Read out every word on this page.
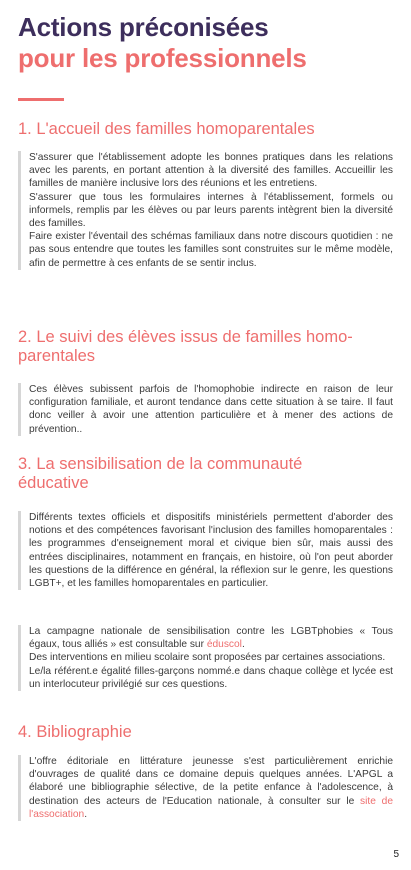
Actions préconisées
pour les professionnels
1. L'accueil des familles homoparentales

S'assurer que l'établissement adopte les bonnes pratiques dans les relations avec les parents, en portant attention à la diversité des familles. Accueillir les familles de manière inclusive lors des réunions et les entretiens.

S'assurer que tous les formulaires internes à l'établissement, formels ou informels, remplis par les élèves ou par leurs parents intègrent bien la diversité des familles.

Faire exister l'éventail des schémas familiaux dans notre discours quotidien : ne pas sous entendre que toutes les familles sont construites sur le même modèle, afin de permettre à ces enfants de se sentir inclus.

2. Le suivi des élèves issus de familles homo-
parentales

Ces élèves subissent parfois de l'homophobie indirecte en raison de leur configuration familiale, et auront tendance dans cette situation à se taire. Il faut donc veiller à avoir une attention particulière et à mener des actions de prévention..

3. La sensibilisation de la communauté
éducative

Différents textes officiels et dispositifs ministériels permettent d'aborder des notions et des compétences favorisant l'inclusion des familles homoparentales : les programmes d'enseignement moral et civique bien sûr, mais aussi des entrées disciplinaires, notamment en français, en histoire, où l'on peut aborder les questions de la différence en général, la réflexion sur le genre, les questions LGBT+, et les familles homoparentales en particulier.

La campagne nationale de sensibilisation contre les LGBTphobies « Tous égaux, tous alliés » est consultable sur éduscol.

Des interventions en milieu scolaire sont proposées par certaines associations.

Le/la référent.e égalité filles-garçons nommé.e dans chaque collège et lycée est un interlocuteur privilégié sur ces questions.

4. Bibliographie

L'offre éditoriale en littérature jeunesse s'est particulièrement enrichie d'ouvrages de qualité dans ce domaine depuis quelques années. L'APGL a élaboré une bibliographie sélective, de la petite enfance à l'adolescence, à destination des acteurs de l'Education nationale, à consulter sur le site de l'association.

5
